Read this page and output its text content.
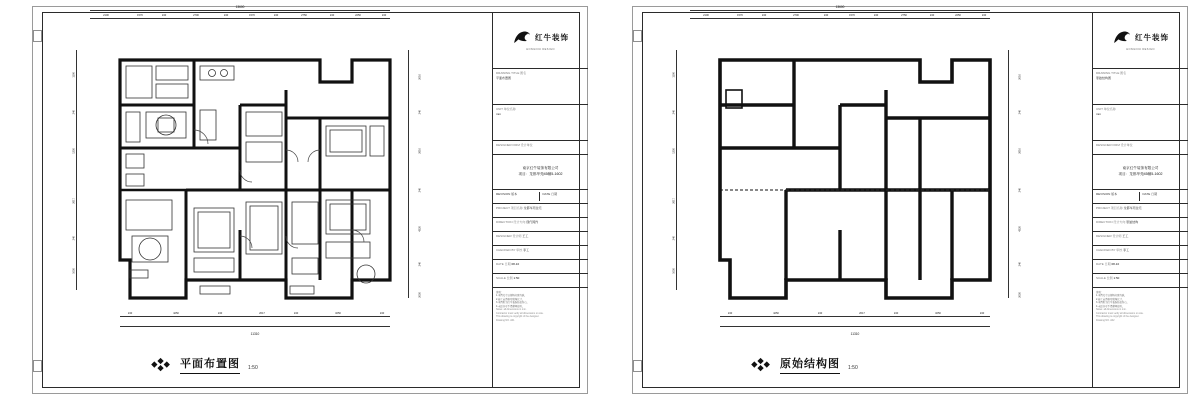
13600
2100	1570	240	2700	240	1570	240	2750	240	2250	240
240	4250	240	2617	240	3250	240
11310
1100
240
1250
2617
240
1050
2010
240
2610
240
4320
240
2050
平面布置图 1:50
红牛装饰
HONGNIU DESIGN
DRAWING TITLE 图名
平面布置图
UNIT 单位名称
mm
DESIGNER FIRM 设计单位
南京红牛装饰有限公司
项目：龙都华苑45幢5-1602
REVISION 版本	DATE 日期
PROJECT 项目名称 龙都华苑住宅
DIRECTION 设计方向 现代简约
DESIGNER 设计师 王工
CHECKED BY 审核 李工
DATE 日期 08-10
SCALE 比例 1:50
说明：
1.本图尺寸以现场实测为准。
2.施工前请核对现场尺寸。
3.本图纸为红牛装饰版权所有。
4.未经许可不得翻印使用。
Notes: all dimensions in mm.
Contractor must verify all dimensions on site.
This drawing is copyright of the designer.
Drawing NO. A01
13600
2100	1570	240	2700	240	1570	240	2750	240	2250	240
240	4250	240	2617	240	3250	240
11310
1100
240
1250
2617
240
1050
2010
240
2610
240
4320
240
2050
原始结构图 1:50
红牛装饰
HONGNIU DESIGN
DRAWING TITLE 图名
原始结构图
UNIT 单位名称
mm
DESIGNER FIRM 设计单位
南京红牛装饰有限公司
项目：龙都华苑45幢5-1602
REVISION 版本	DATE 日期
PROJECT 项目名称 龙都华苑住宅
DIRECTION 设计方向 原始结构
DESIGNER 设计师 王工
CHECKED BY 审核 李工
DATE 日期 08-10
SCALE 比例 1:50
说明：
1.本图尺寸以现场实测为准。
2.施工前请核对现场尺寸。
3.本图纸为红牛装饰版权所有。
4.未经许可不得翻印使用。
Notes: all dimensions in mm.
Contractor must verify all dimensions on site.
This drawing is copyright of the designer.
Drawing NO. A02
